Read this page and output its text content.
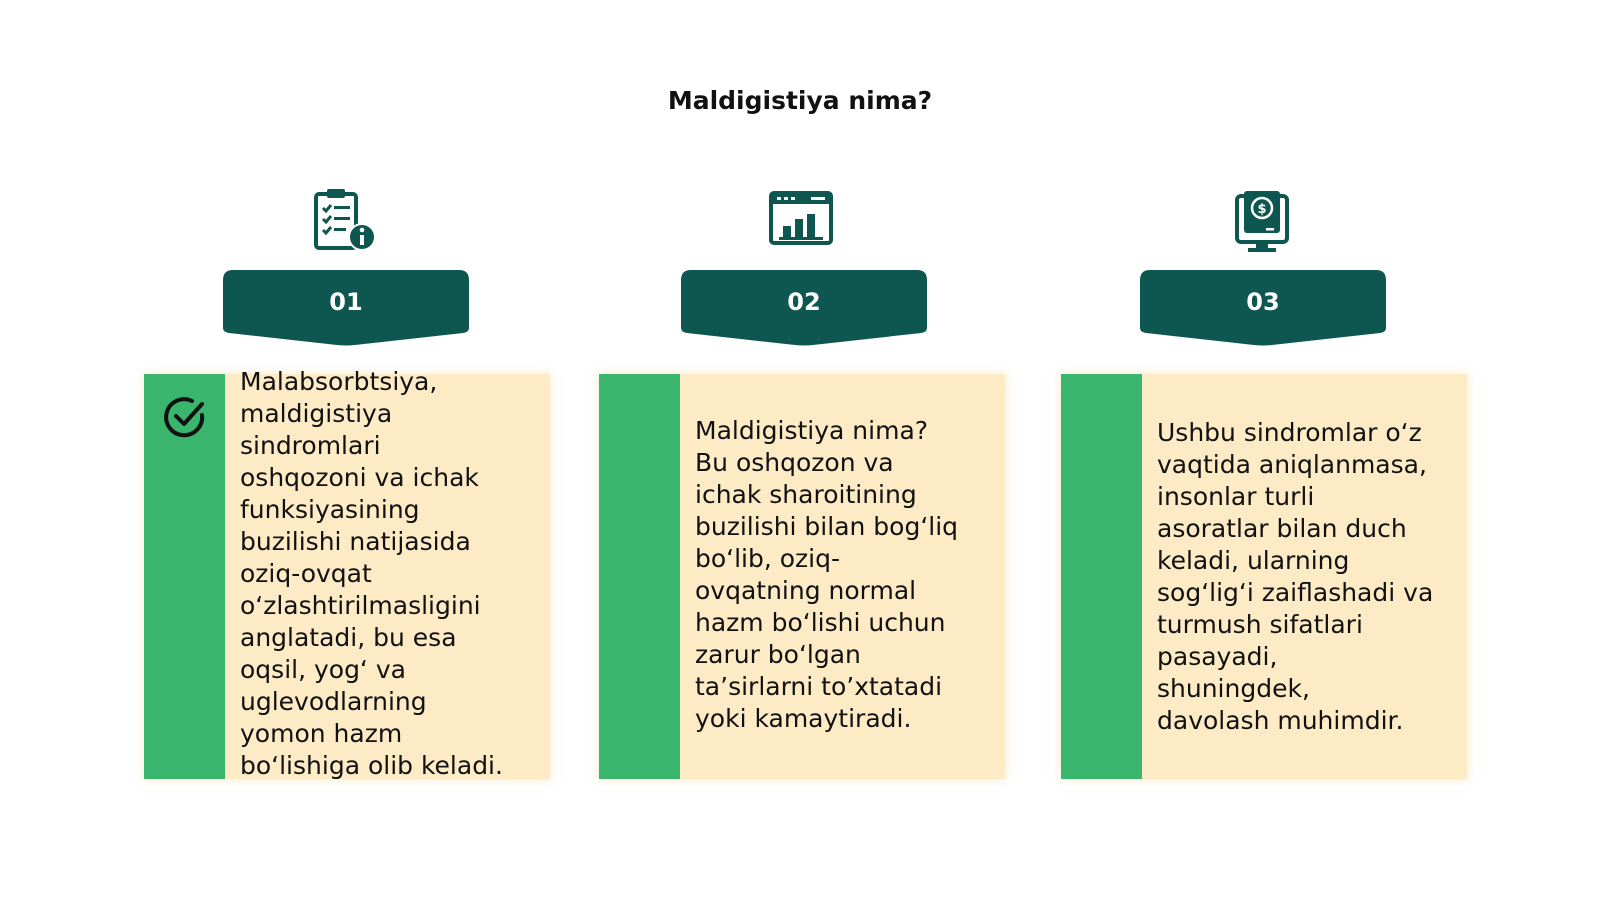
Maldigistiya nima?
01
Malabsorbtsiya,
maldigistiya
sindromlari
oshqozoni va ichak
funksiyasining
buzilishi natijasida
oziq-ovqat
o‘zlashtirilmasligini
anglatadi, bu esa
oqsil, yog‘ va
uglevodlarning
yomon hazm
bo‘lishiga olib keladi.
02
Maldigistiya nima?
Bu oshqozon va
ichak sharoitining
buzilishi bilan bog‘liq
bo‘lib, oziq-
ovqatning normal
hazm bo‘lishi uchun
zarur bo‘lgan
ta’sirlarni to’xtatadi
yoki kamaytiradi.
$
03
Ushbu sindromlar o‘z
vaqtida aniqlanmasa,
insonlar turli
asoratlar bilan duch
keladi, ularning
sog‘lig‘i zaiflashadi va
turmush sifatlari
pasayadi,
shuningdek,
davolash muhimdir.
